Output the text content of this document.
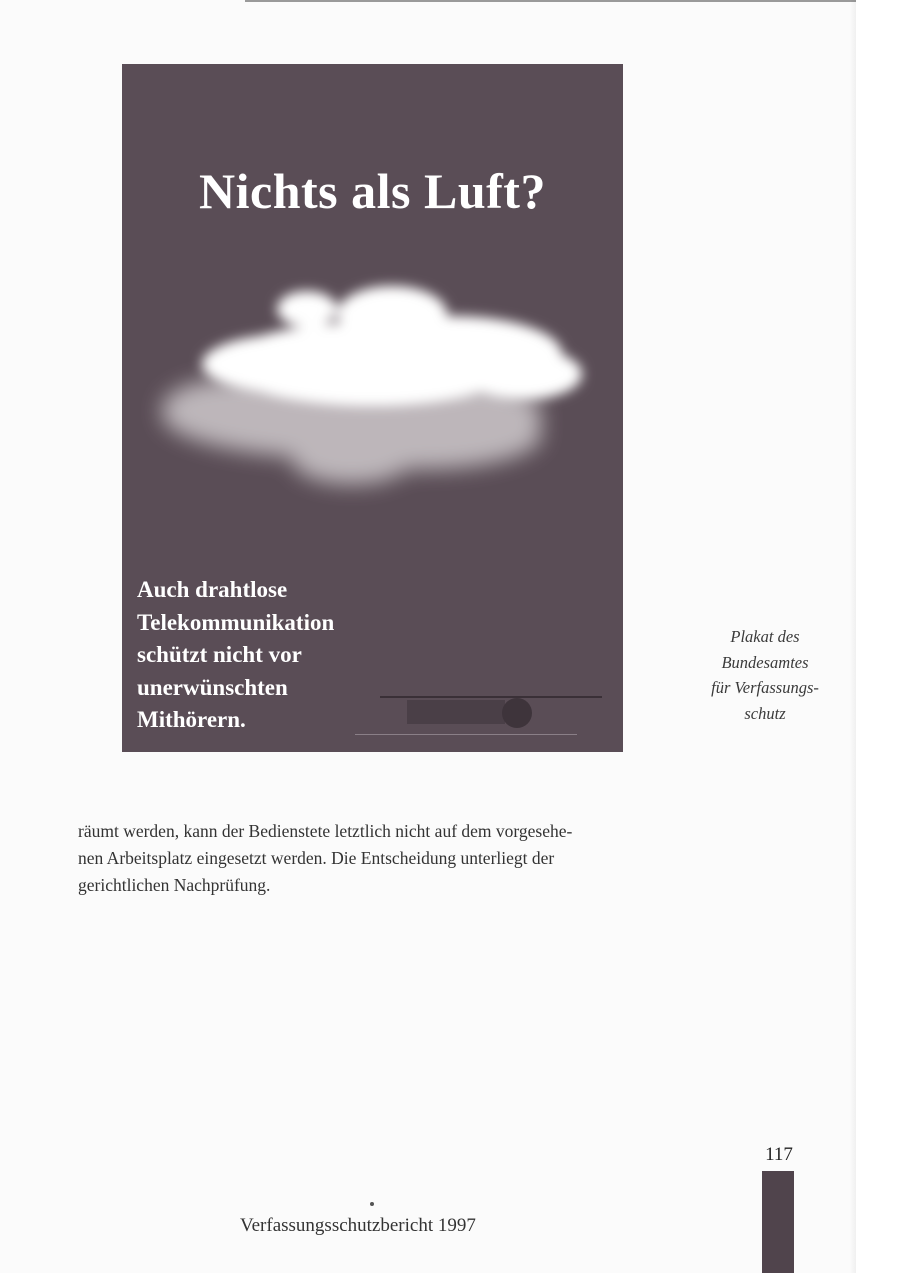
Nichts als Luft?
Auch drahtlose
Telekommunikation
schützt nicht vor
unerwünschten
Mithörern.
Plakat des
Bundesamtes
für Verfassungs-
schutz
räumt werden, kann der Bedienstete letztlich nicht auf dem vorgesehe-
nen Arbeitsplatz eingesetzt werden. Die Entscheidung unterliegt der
gerichtlichen Nachprüfung.
117
Verfassungsschutzbericht 1997
